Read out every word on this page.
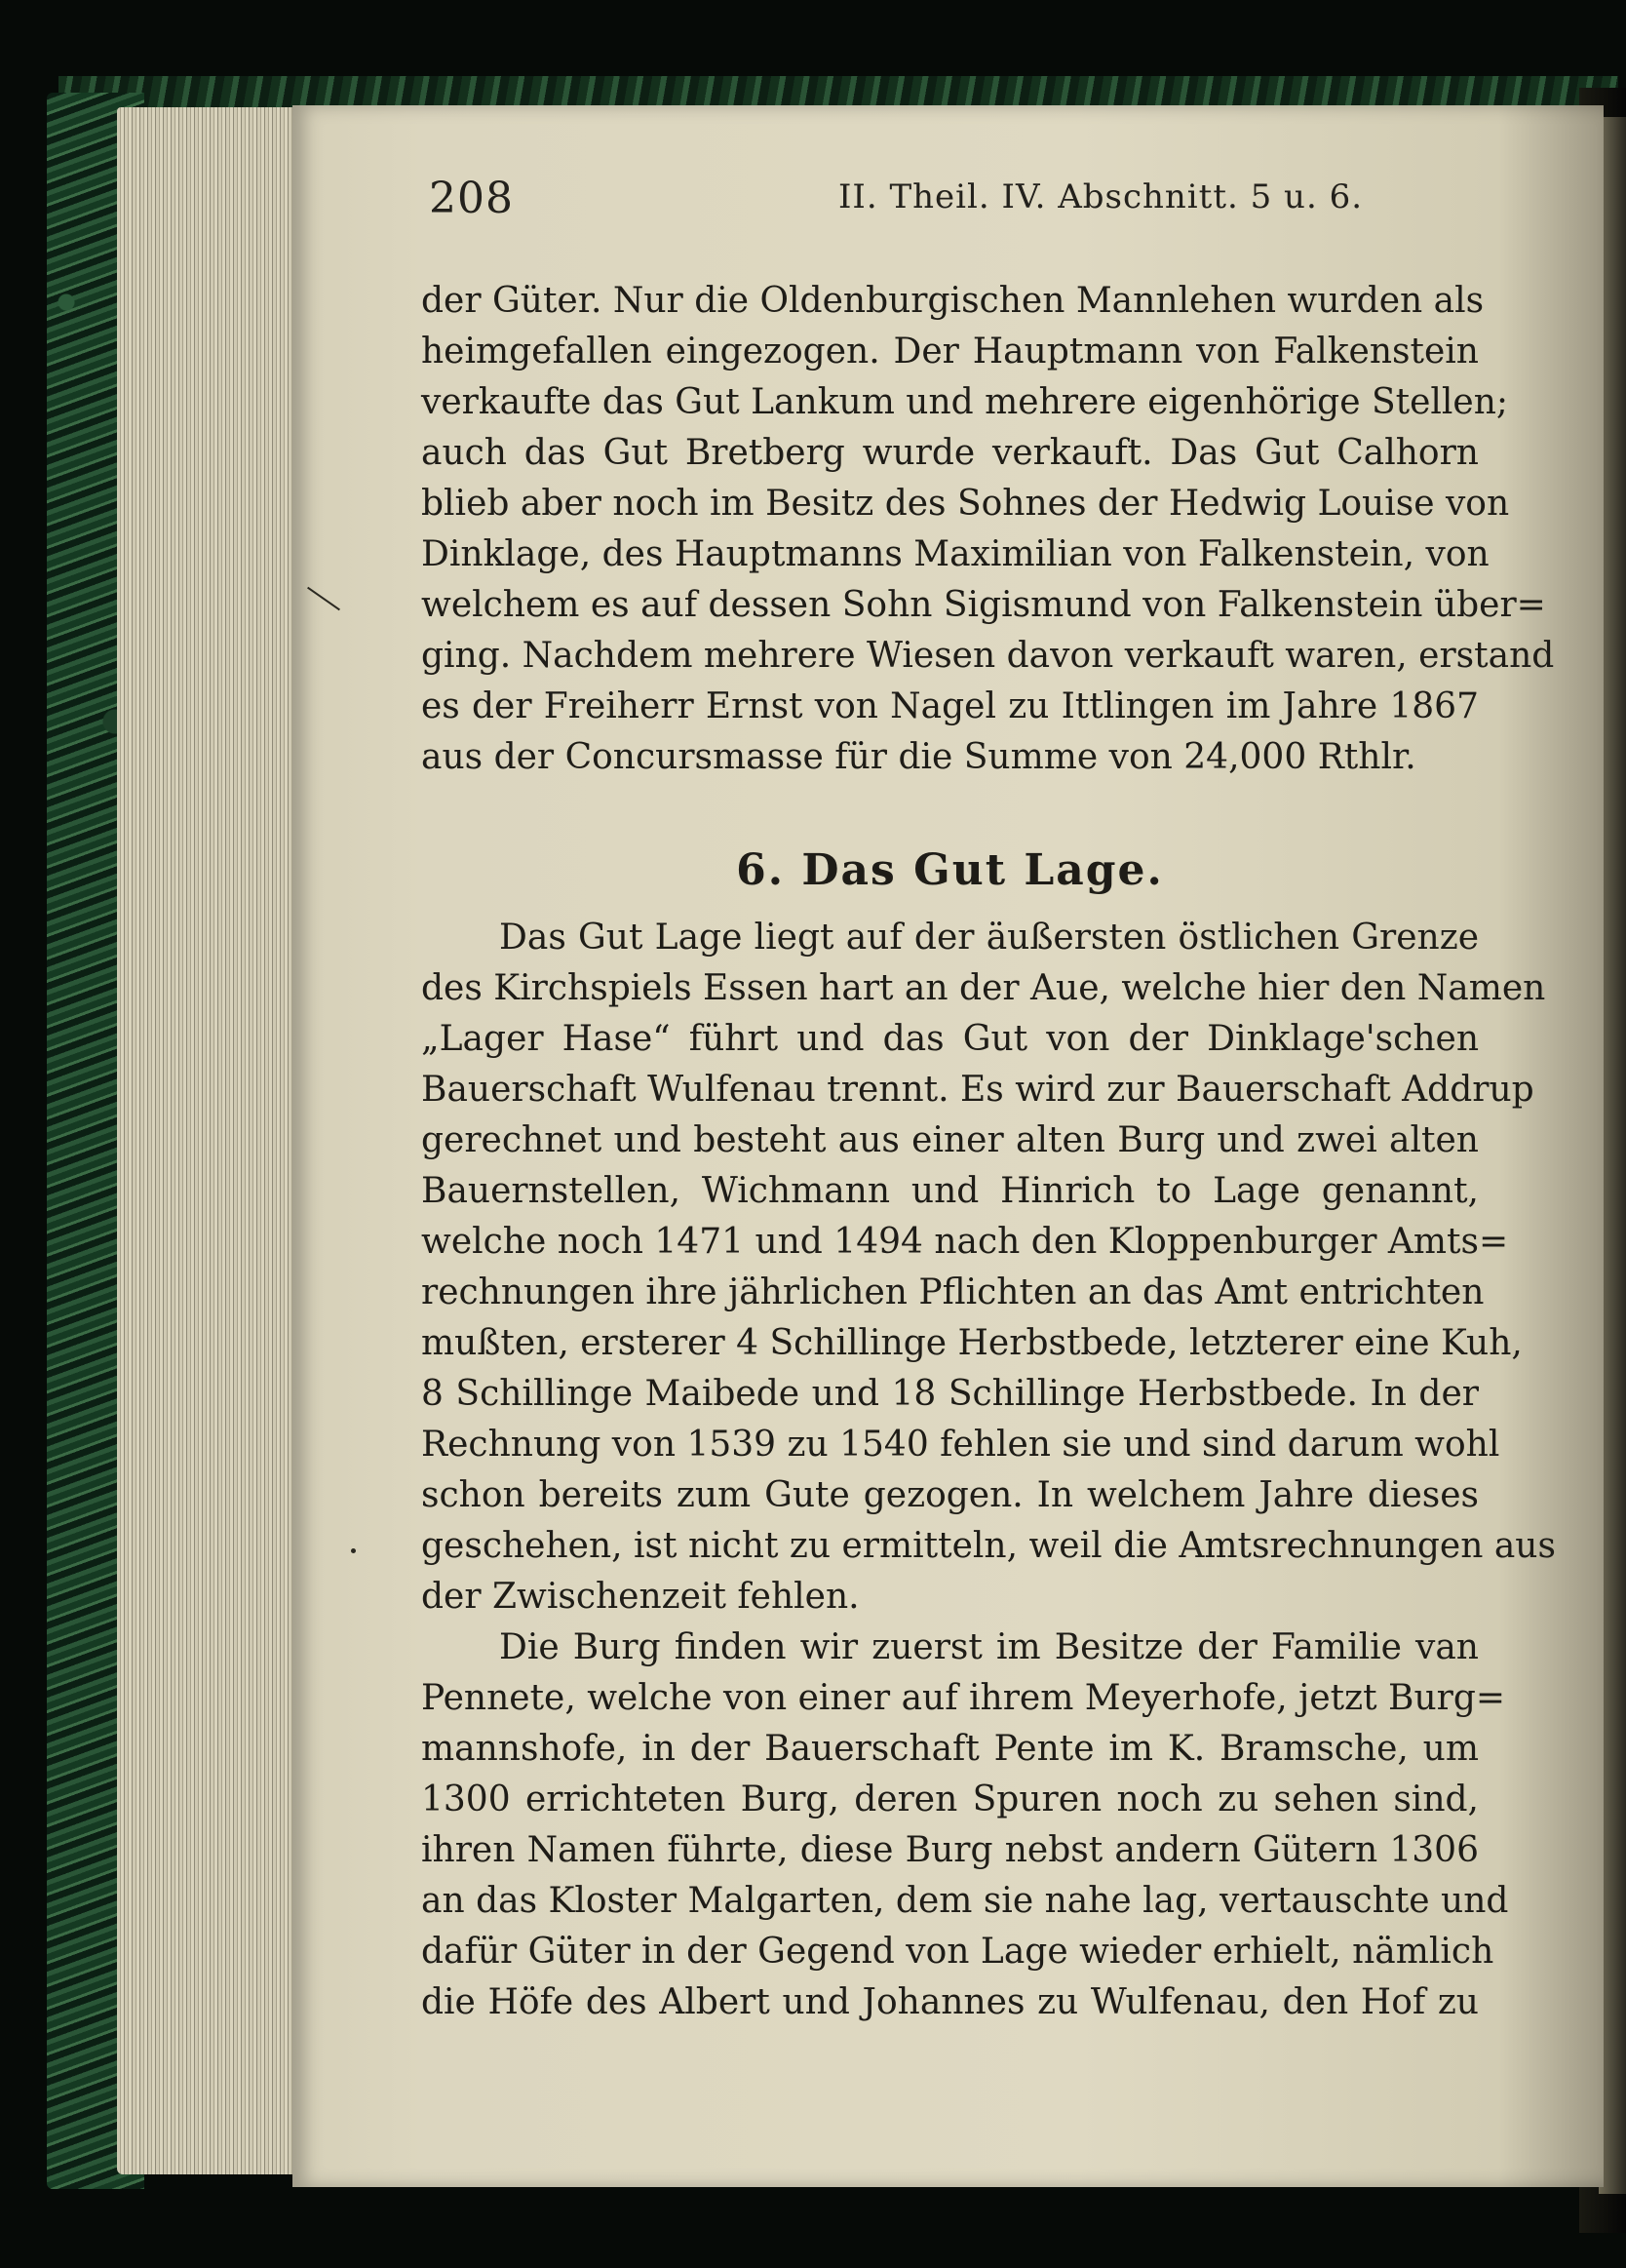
208	II. Theil. IV. Abschnitt. 5 u. 6.
der Güter. Nur die Oldenburgischen Mannlehen wurden als
heimgefallen eingezogen. Der Hauptmann von Falkenstein
verkaufte das Gut Lankum und mehrere eigenhörige Stellen;
auch das Gut Bretberg wurde verkauft. Das Gut Calhorn
blieb aber noch im Besitz des Sohnes der Hedwig Louise von
Dinklage, des Hauptmanns Maximilian von Falkenstein, von
welchem es auf dessen Sohn Sigismund von Falkenstein über=
ging. Nachdem mehrere Wiesen davon verkauft waren, erstand
es der Freiherr Ernst von Nagel zu Ittlingen im Jahre 1867
aus der Concursmasse für die Summe von 24,000 Rthlr.
6. Das Gut Lage.
Das Gut Lage liegt auf der äußersten östlichen Grenze
des Kirchspiels Essen hart an der Aue, welche hier den Namen
„Lager Hase“ führt und das Gut von der Dinklage'schen
Bauerschaft Wulfenau trennt. Es wird zur Bauerschaft Addrup
gerechnet und besteht aus einer alten Burg und zwei alten
Bauernstellen, Wichmann und Hinrich to Lage genannt,
welche noch 1471 und 1494 nach den Kloppenburger Amts=
rechnungen ihre jährlichen Pflichten an das Amt entrichten
mußten, ersterer 4 Schillinge Herbstbede, letzterer eine Kuh,
8 Schillinge Maibede und 18 Schillinge Herbstbede. In der
Rechnung von 1539 zu 1540 fehlen sie und sind darum wohl
schon bereits zum Gute gezogen. In welchem Jahre dieses
geschehen, ist nicht zu ermitteln, weil die Amtsrechnungen aus
der Zwischenzeit fehlen.
Die Burg finden wir zuerst im Besitze der Familie van
Pennete, welche von einer auf ihrem Meyerhofe, jetzt Burg=
mannshofe, in der Bauerschaft Pente im K. Bramsche, um
1300 errichteten Burg, deren Spuren noch zu sehen sind,
ihren Namen führte, diese Burg nebst andern Gütern 1306
an das Kloster Malgarten, dem sie nahe lag, vertauschte und
dafür Güter in der Gegend von Lage wieder erhielt, nämlich
die Höfe des Albert und Johannes zu Wulfenau, den Hof zu
